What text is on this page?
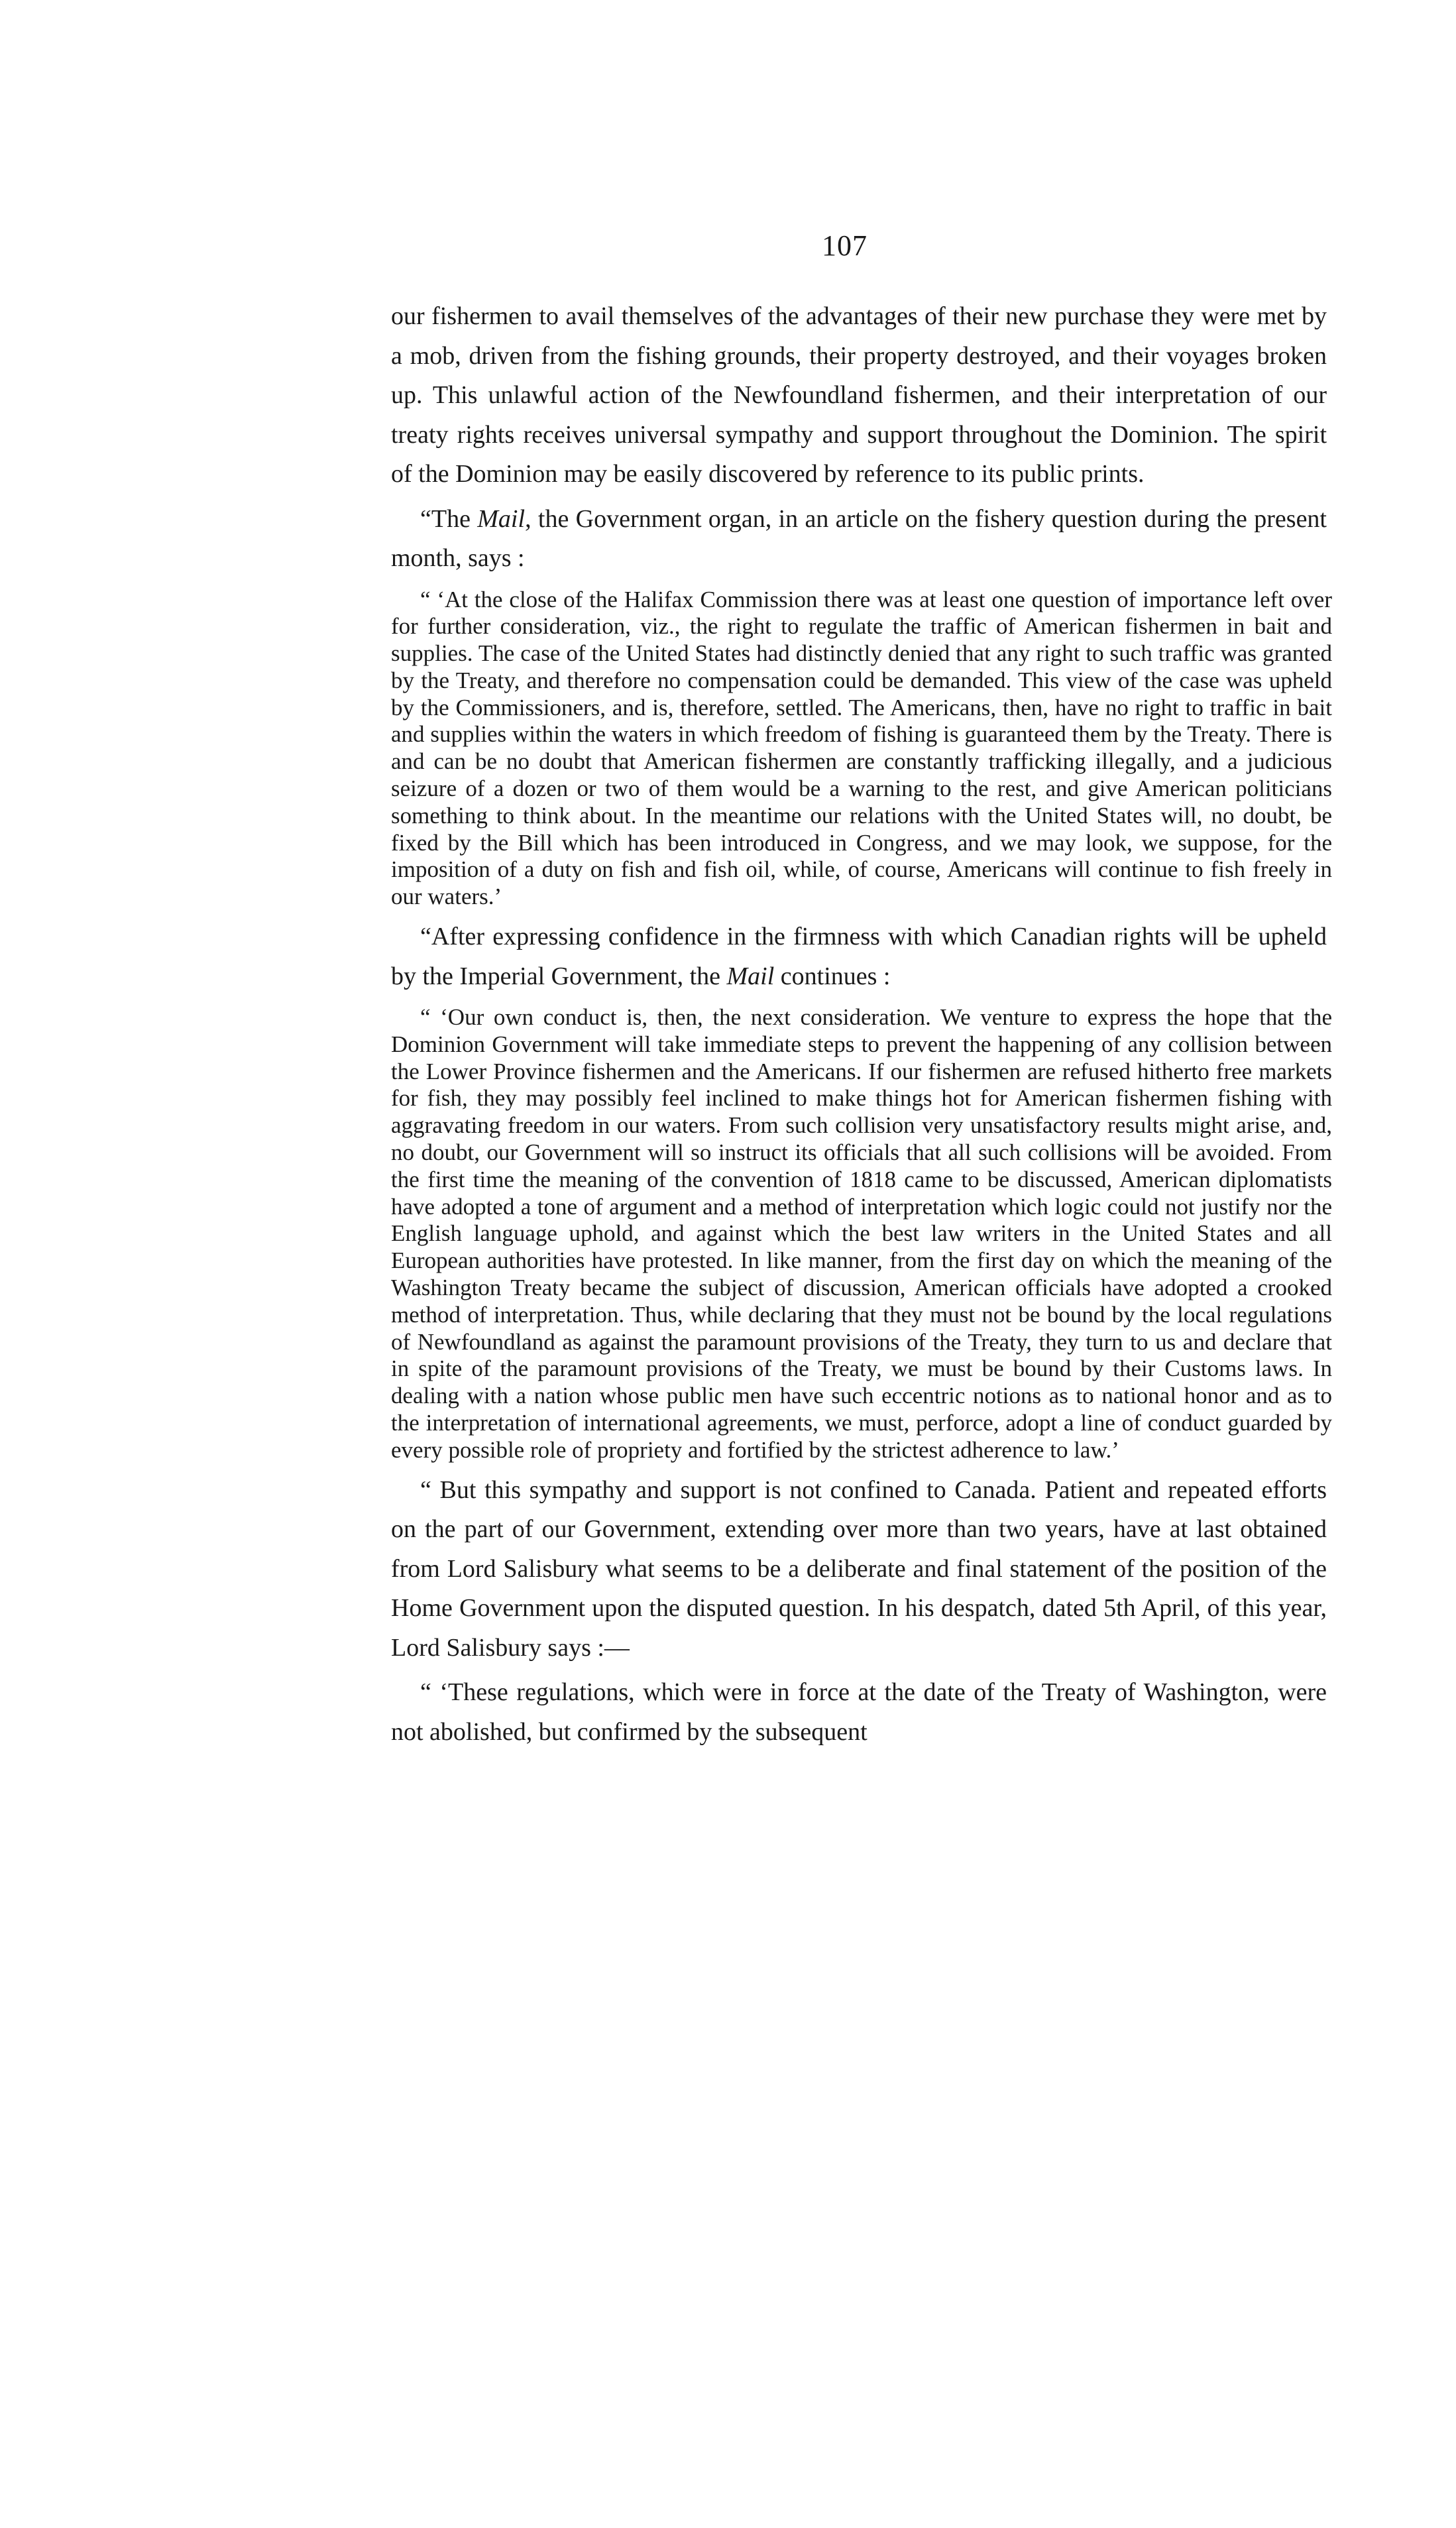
107

our fishermen to avail themselves of the advantages of their new purchase they were met by a mob, driven from the fishing grounds, their property destroyed, and their voyages broken up. This unlawful action of the Newfoundland fishermen, and their interpretation of our treaty rights receives universal sympathy and support throughout the Dominion. The spirit of the Dominion may be easily discovered by reference to its public prints.

“The Mail, the Government organ, in an article on the fishery question during the present month, says :

“ ‘At the close of the Halifax Commission there was at least one question of importance left over for further consideration, viz., the right to regulate the traffic of American fishermen in bait and supplies. The case of the United States had distinctly denied that any right to such traffic was granted by the Treaty, and therefore no compensation could be demanded. This view of the case was upheld by the Commissioners, and is, therefore, settled. The Americans, then, have no right to traffic in bait and supplies within the waters in which freedom of fishing is guaranteed them by the Treaty. There is and can be no doubt that American fishermen are constantly trafficking illegally, and a judicious seizure of a dozen or two of them would be a warning to the rest, and give American politicians something to think about. In the meantime our relations with the United States will, no doubt, be fixed by the Bill which has been introduced in Congress, and we may look, we suppose, for the imposition of a duty on fish and fish oil, while, of course, Americans will continue to fish freely in our waters.’

“After expressing confidence in the firmness with which Canadian rights will be upheld by the Imperial Government, the Mail continues :

“ ‘Our own conduct is, then, the next consideration. We venture to express the hope that the Dominion Government will take immediate steps to prevent the happening of any collision between the Lower Province fishermen and the Americans. If our fishermen are refused hitherto free markets for fish, they may possibly feel inclined to make things hot for American fishermen fishing with aggravating freedom in our waters. From such collision very unsatisfactory results might arise, and, no doubt, our Government will so instruct its officials that all such collisions will be avoided. From the first time the meaning of the convention of 1818 came to be discussed, American diplomatists have adopted a tone of argument and a method of interpretation which logic could not justify nor the English language uphold, and against which the best law writers in the United States and all European authorities have protested. In like manner, from the first day on which the meaning of the Washington Treaty became the subject of discussion, American officials have adopted a crooked method of interpretation. Thus, while declaring that they must not be bound by the local regulations of Newfoundland as against the paramount provisions of the Treaty, they turn to us and declare that in spite of the paramount provisions of the Treaty, we must be bound by their Customs laws. In dealing with a nation whose public men have such eccentric notions as to national honor and as to the interpretation of international agreements, we must, perforce, adopt a line of conduct guarded by every possible role of propriety and fortified by the strictest adherence to law.’

“ But this sympathy and support is not confined to Canada. Patient and repeated efforts on the part of our Government, extending over more than two years, have at last obtained from Lord Salisbury what seems to be a deliberate and final statement of the position of the Home Government upon the disputed question. In his despatch, dated 5th April, of this year, Lord Salisbury says :—

“ ‘These regulations, which were in force at the date of the Treaty of Washington, were not abolished, but confirmed by the subsequent
